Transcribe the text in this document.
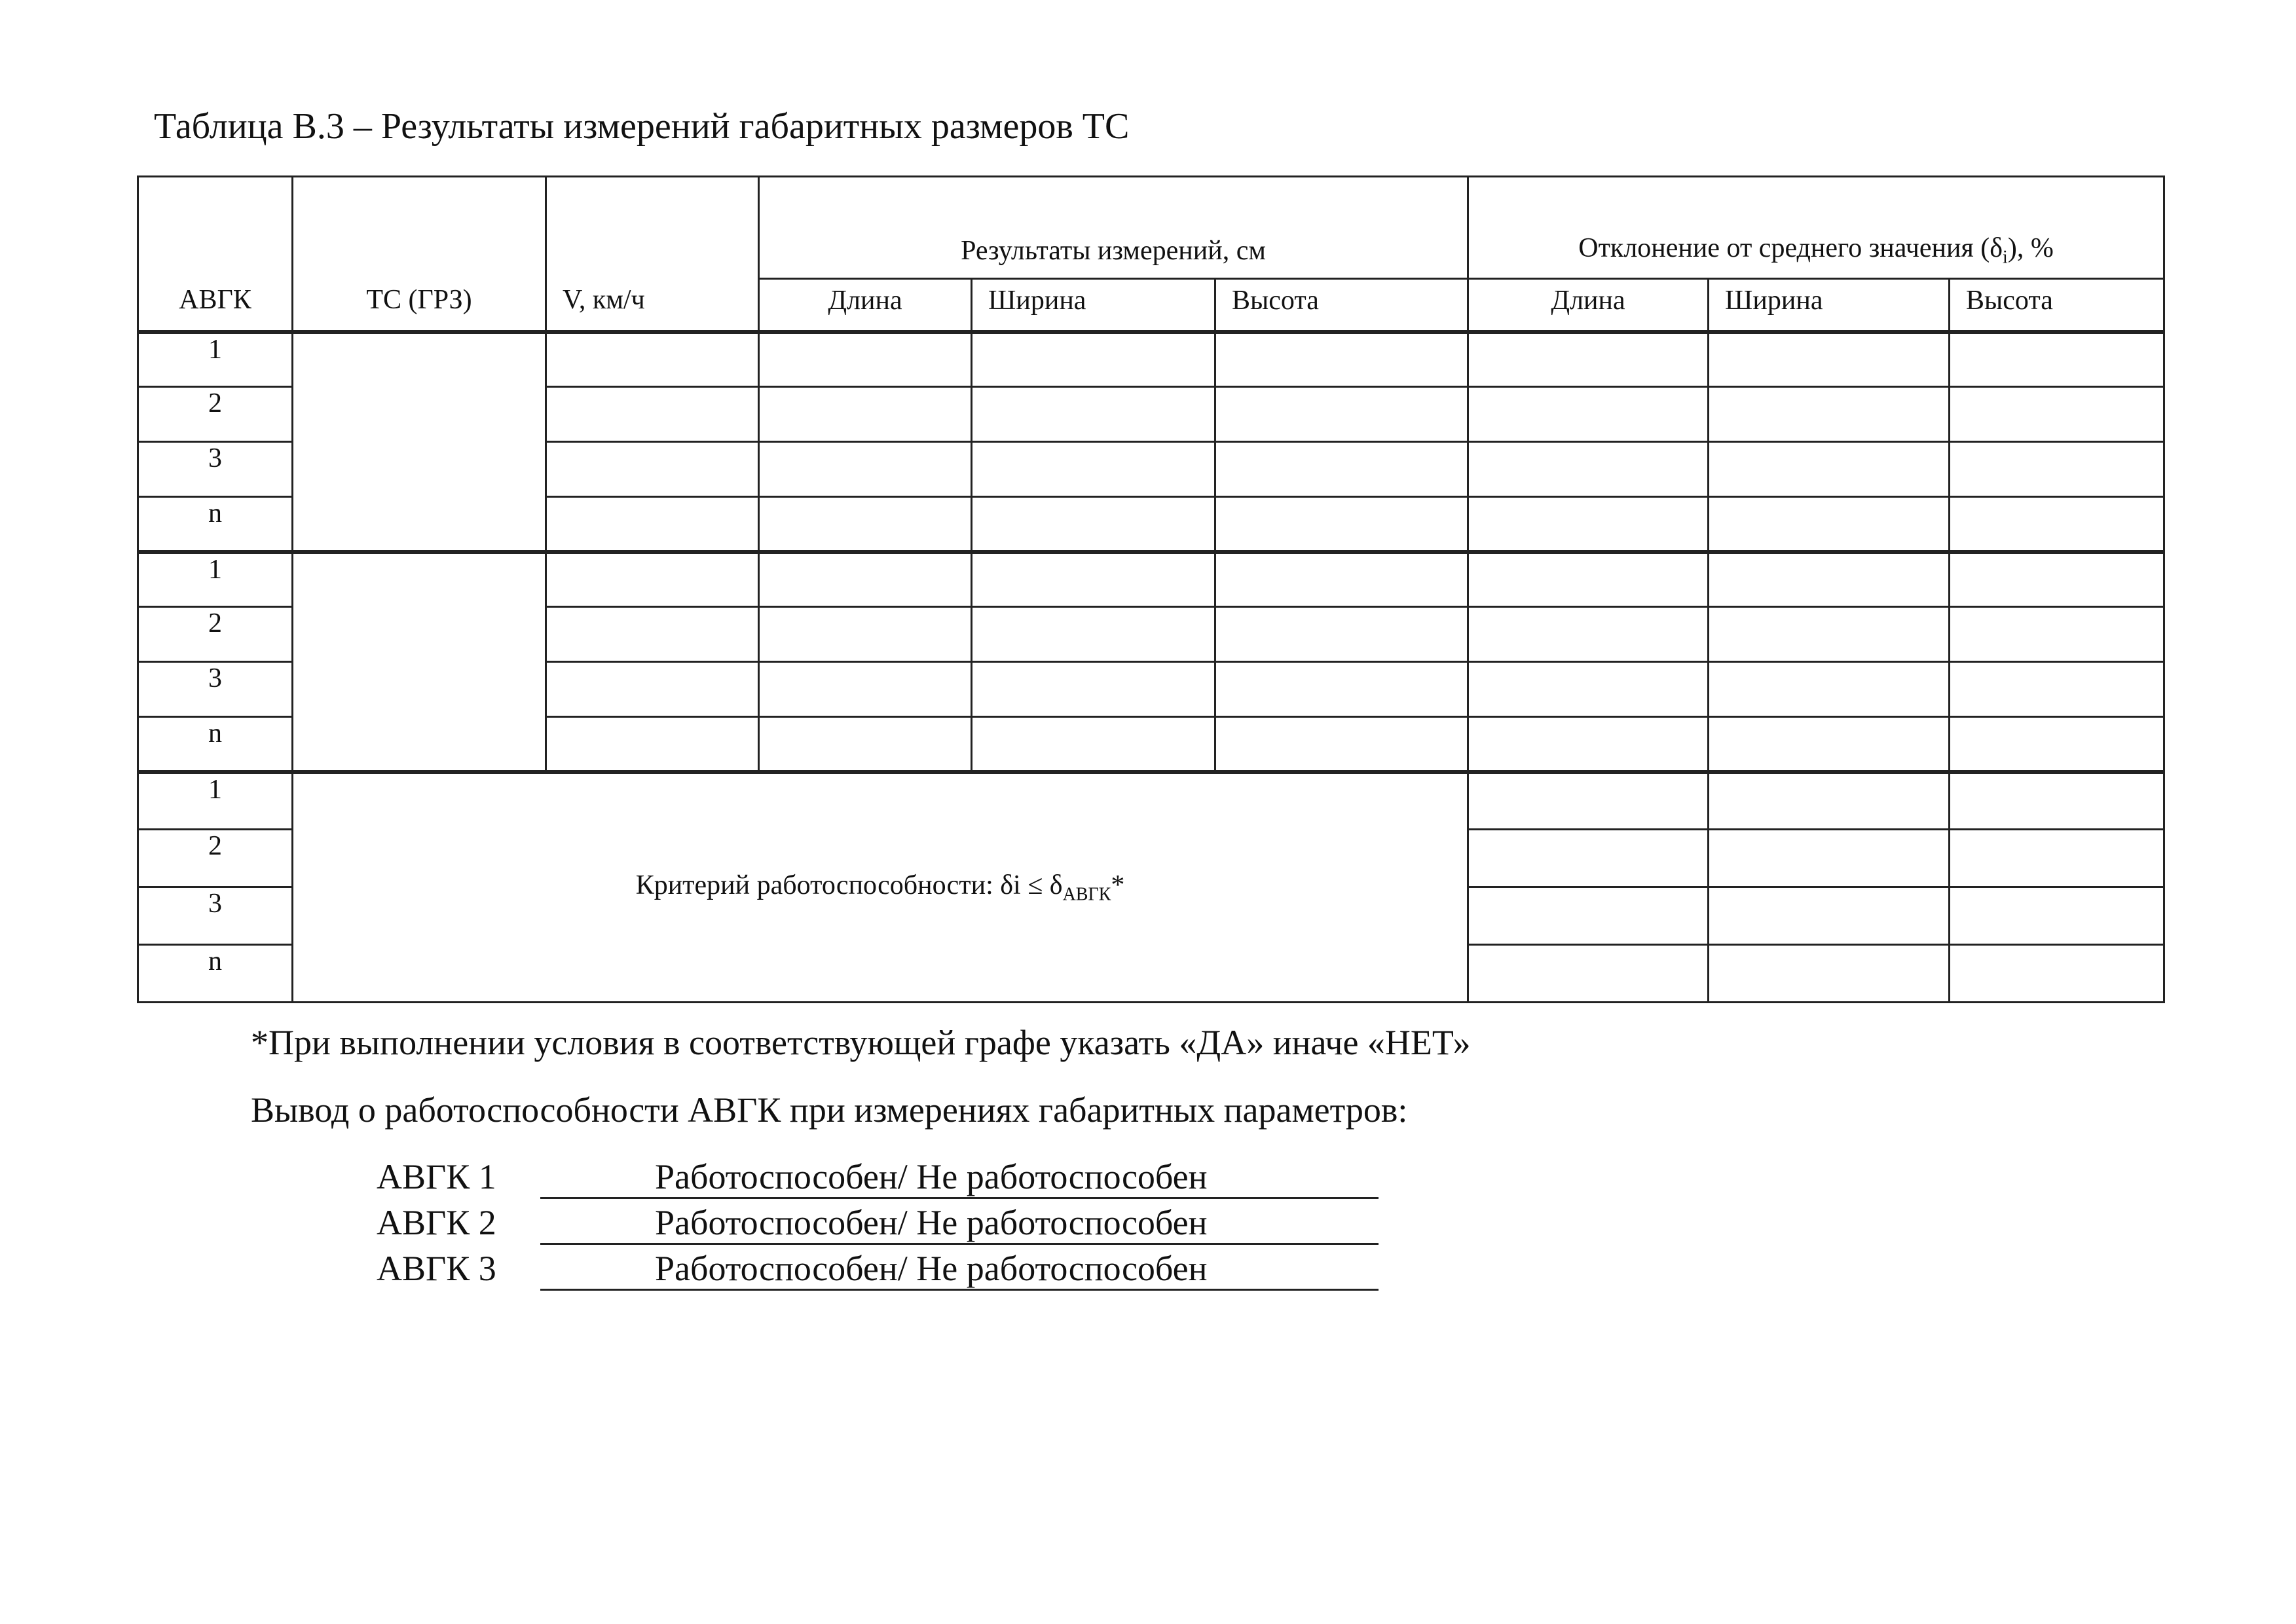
Таблица В.3 – Результаты измерений габаритных размеров ТС
АВГК	ТС (ГРЗ)	V, км/ч	Результаты измерений, см			Отклонение от среднего значения $(\delta_i)$, %		
			Длина	Ширина	Высота	Длина	Ширина	Высота
1								
2								
3								
n								
1								
2								
3								
n								
1	Критерий работоспособности: $\delta i \le \delta_{АВГК}*$							
2								
3								
n								
*При выполнении условия в соответствующей графе указать «ДА» иначе «НЕТ»
Вывод о работоспособности АВГК при измерениях габаритных параметров:
АВГК 1	Работоспособен/ Не работоспособен
АВГК 2	Работоспособен/ Не работоспособен
АВГК 3	Работоспособен/ Не работоспособен
